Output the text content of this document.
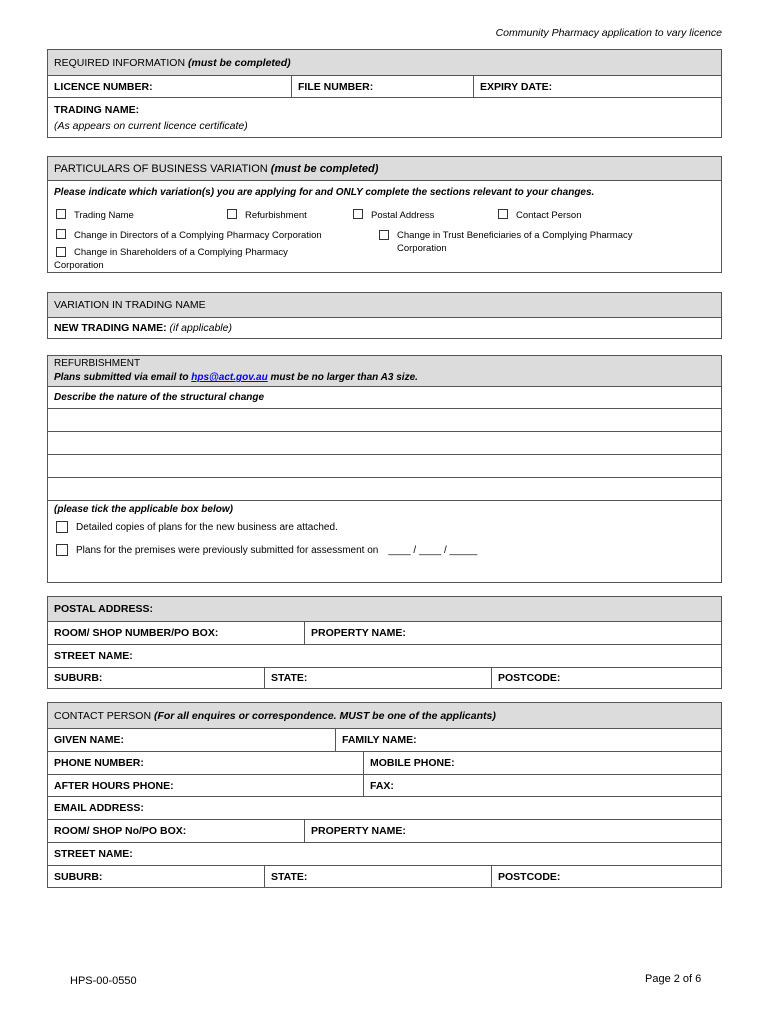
Community Pharmacy application to vary licence
REQUIRED INFORMATION
(must be completed)
LICENCE NUMBER:	FILE NUMBER:	EXPIRY DATE:
TRADING NAME:
(As appears on current licence certificate)
PARTICULARS OF BUSINESS VARIATION
(must be completed)
Please indicate which variation(s) you are applying for and ONLY complete the sections relevant to your changes.
Trading Name	Refurbishment	Postal Address	Contact Person
Change in Directors of a Complying Pharmacy Corporation	Change in Trust Beneficiaries of a Complying Pharmacy Corporation
Change in Shareholders of a Complying Pharmacy Corporation
VARIATION IN TRADING NAME
NEW TRADING NAME:
(if applicable)
REFURBISHMENT
Plans submitted via email to hps@act.gov.au must be no larger than A3 size.
Describe the nature of the structural change
(please tick the applicable box below)
Detailed copies of plans for the new business are attached.
Plans for the premises were previously submitted for assessment on ____ / ____ / _____
POSTAL ADDRESS:
ROOM/ SHOP NUMBER/PO BOX:	PROPERTY NAME:
STREET NAME:
SUBURB:	STATE:	POSTCODE:
CONTACT PERSON
(For all enquires or correspondence. MUST be one of the applicants)
GIVEN NAME:	FAMILY NAME:
PHONE NUMBER:	MOBILE PHONE:
AFTER HOURS PHONE:	FAX:
EMAIL ADDRESS:
ROOM/ SHOP No/PO BOX:	PROPERTY NAME:
STREET NAME:
SUBURB:	STATE:	POSTCODE:
HPS-00-0550	Page 2 of 6
